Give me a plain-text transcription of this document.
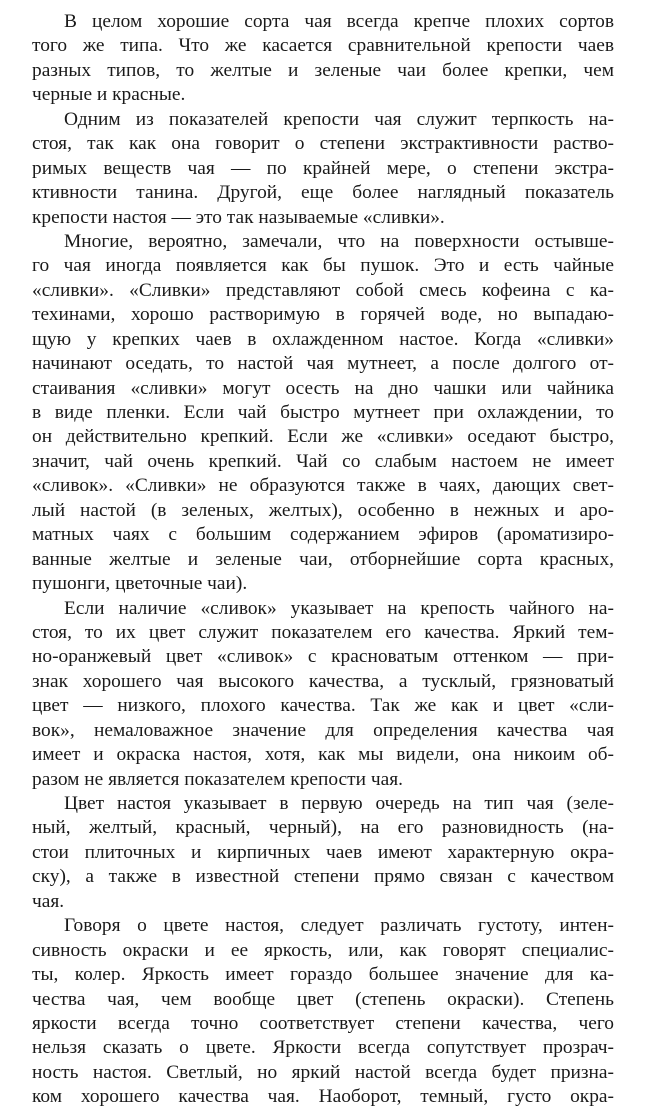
В целом хорошие сорта чая всегда крепче плохих сортов
того же типа. Что же касается сравнительной крепости чаев
разных типов, то желтые и зеленые чаи более крепки, чем
черные и красные.
Одним из показателей крепости чая служит терпкость на-
стоя, так как она говорит о степени экстрактивности раство-
римых веществ чая — по крайней мере, о степени экстра-
ктивности танина. Другой, еще более наглядный показатель
крепости настоя — это так называемые «сливки».
Многие, вероятно, замечали, что на поверхности остывше-
го чая иногда появляется как бы пушок. Это и есть чайные
«сливки». «Сливки» представляют собой смесь кофеина с ка-
техинами, хорошо растворимую в горячей воде, но выпадаю-
щую у крепких чаев в охлажденном настое. Когда «сливки»
начинают оседать, то настой чая мутнеет, а после долгого от-
стаивания «сливки» могут осесть на дно чашки или чайника
в виде пленки. Если чай быстро мутнеет при охлаждении, то
он действительно крепкий. Если же «сливки» оседают быстро,
значит, чай очень крепкий. Чай со слабым настоем не имеет
«сливок». «Сливки» не образуются также в чаях, дающих свет-
лый настой (в зеленых, желтых), особенно в нежных и аро-
матных чаях с большим содержанием эфиров (ароматизиро-
ванные желтые и зеленые чаи, отборнейшие сорта красных,
пушонги, цветочные чаи).
Если наличие «сливок» указывает на крепость чайного на-
стоя, то их цвет служит показателем его качества. Яркий тем-
но-оранжевый цвет «сливок» с красноватым оттенком — при-
знак хорошего чая высокого качества, а тусклый, грязноватый
цвет — низкого, плохого качества. Так же как и цвет «сли-
вок», немаловажное значение для определения качества чая
имеет и окраска настоя, хотя, как мы видели, она никоим об-
разом не является показателем крепости чая.
Цвет настоя указывает в первую очередь на тип чая (зеле-
ный, желтый, красный, черный), на его разновидность (на-
стои плиточных и кирпичных чаев имеют характерную окра-
ску), а также в известной степени прямо связан с качеством
чая.
Говоря о цвете настоя, следует различать густоту, интен-
сивность окраски и ее яркость, или, как говорят специалис-
ты, колер. Яркость имеет гораздо большее значение для ка-
чества чая, чем вообще цвет (степень окраски). Степень
яркости всегда точно соответствует степени качества, чего
нельзя сказать о цвете. Яркости всегда сопутствует прозрач-
ность настоя. Светлый, но яркий настой всегда будет призна-
ком хорошего качества чая. Наоборот, темный, густо окра-
